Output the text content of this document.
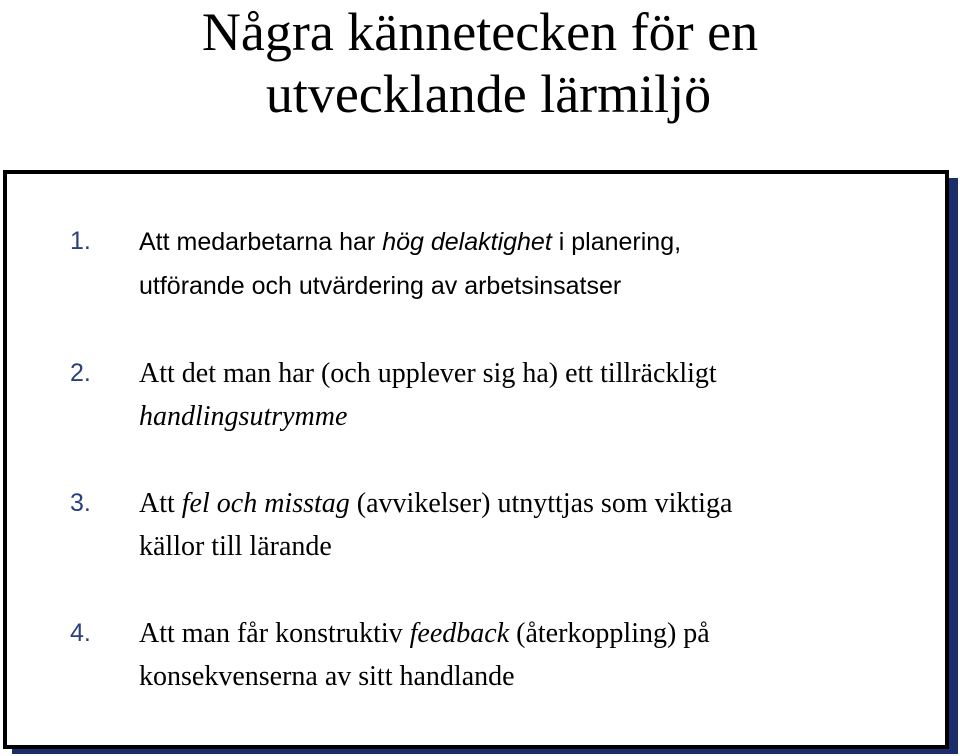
Några kännetecken för en
utvecklande lärmiljö
1. Att medarbetarna har hög delaktighet i planering,
utförande och utvärdering av arbetsinsatser
2. Att det man har (och upplever sig ha) ett tillräckligt
handlingsutrymme
3. Att fel och misstag (avvikelser) utnyttjas som viktiga
källor till lärande
4. Att man får konstruktiv feedback (återkoppling) på
konsekvenserna av sitt handlande
